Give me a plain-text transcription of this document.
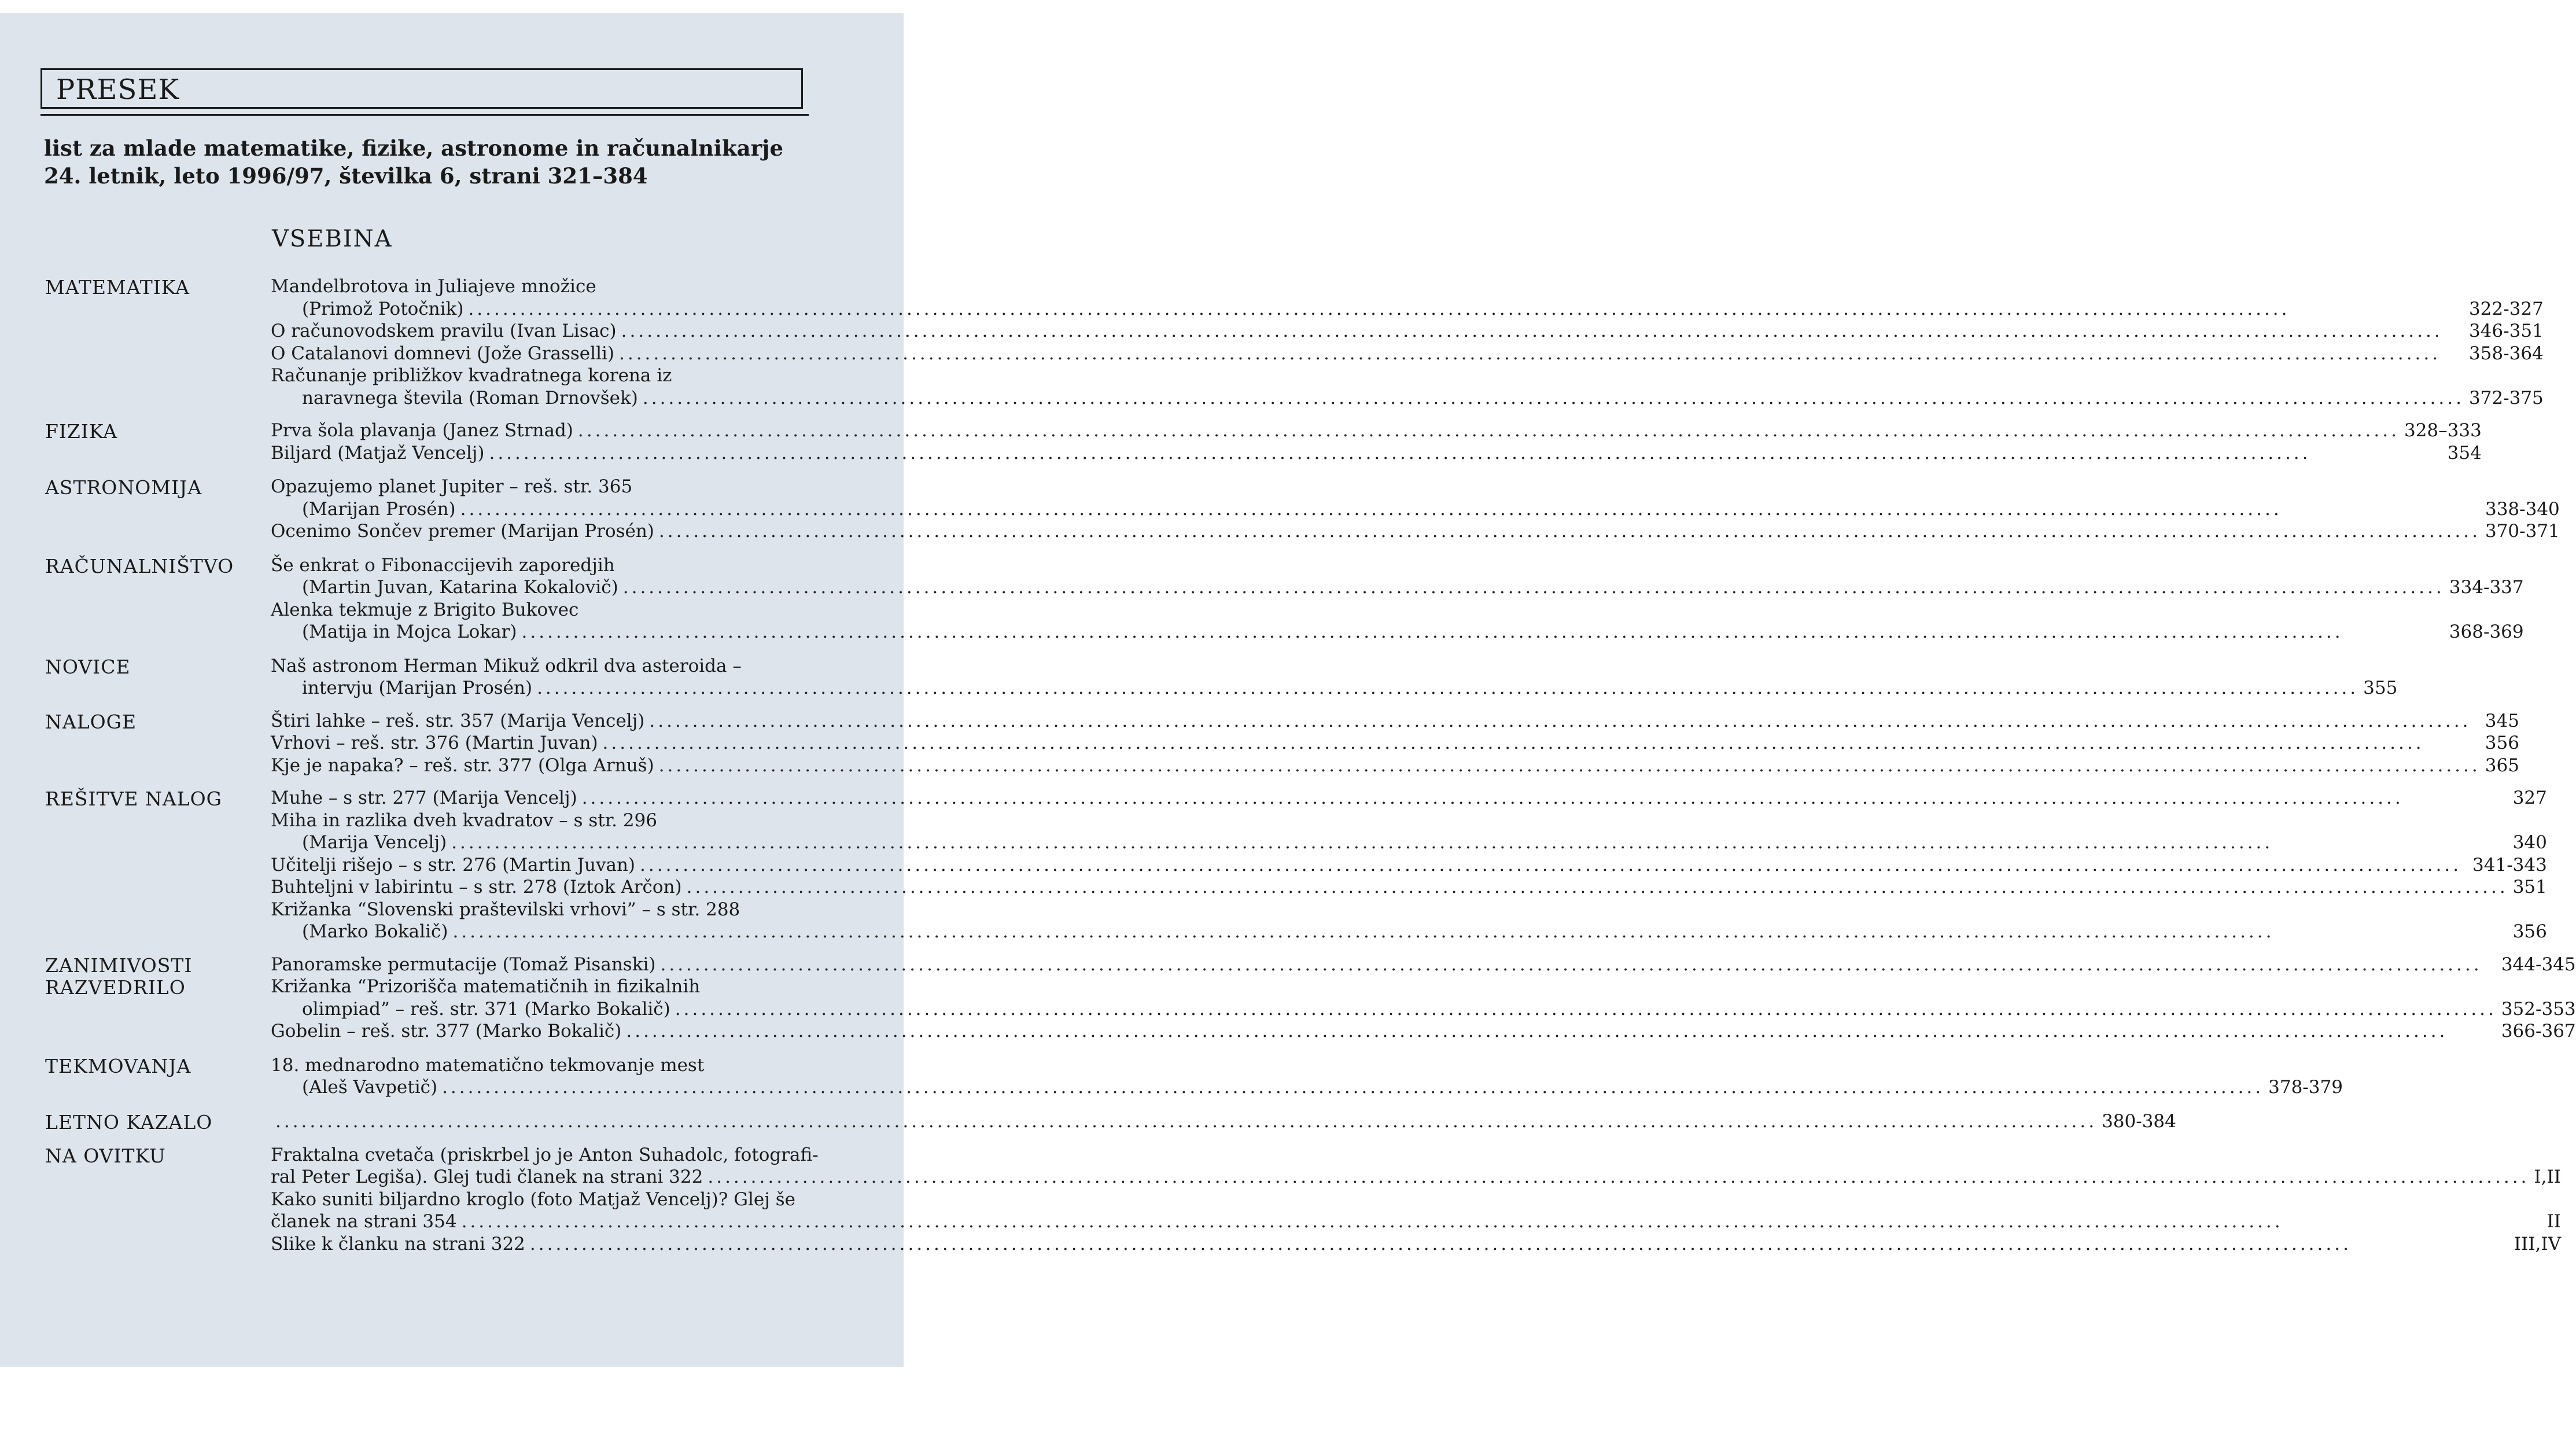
PRESEK
list za mlade matematike, fizike, astronome in računalnikarje
24. letnik, leto 1996/97, številka 6, strani 321–384
VSEBINA
MATEMATIKA	Mandelbrotova in Juliajeve množice
(Primož Potočnik) .....	322-327
O računovodskem pravilu (Ivan Lisac) .....	346-351
O Catalanovi domnevi (Jože Grasselli) .....	358-364
Računanje približkov kvadratnega korena iz
naravnega števila (Roman Drnovšek) .....	372-375
FIZIKA	Prva šola plavanja (Janez Strnad) .....	328–333
Biljard (Matjaž Vencelj) .....	354
ASTRONOMIJA	Opazujemo planet Jupiter – reš. str. 365
(Marijan Prosén) .....	338-340
Ocenimo Sončev premer (Marijan Prosén) .....	370-371
RAČUNALNIŠTVO	Še enkrat o Fibonaccijevih zaporedjih
(Martin Juvan, Katarina Kokalovič) .....	334-337
Alenka tekmuje z Brigito Bukovec
(Matija in Mojca Lokar) .....	368-369
NOVICE	Naš astronom Herman Mikuž odkril dva asteroida –
intervju (Marijan Prosén) .....	355
NALOGE	Štiri lahke – reš. str. 357 (Marija Vencelj) .....	345
Vrhovi – reš. str. 376 (Martin Juvan) .....	356
Kje je napaka? – reš. str. 377 (Olga Arnuš) .....	365
REŠITVE NALOG	Muhe – s str. 277 (Marija Vencelj) .....	327
Miha in razlika dveh kvadratov – s str. 296
(Marija Vencelj) .....	340
Učitelji rišejo – s str. 276 (Martin Juvan) .....	341-343
Buhteljni v labirintu – s str. 278 (Iztok Arčon) .....	351
Križanka “Slovenski praštevilski vrhovi” – s str. 288
(Marko Bokalič) .....	356
ZANIMIVOSTI
RAZVEDRILO
Panoramske permutacije (Tomaž Pisanski) .....	344-345
Križanka “Prizorišča matematičnih in fizikalnih
olimpiad” – reš. str. 371 (Marko Bokalič) .....	352-353
Gobelin – reš. str. 377 (Marko Bokalič) .....	366-367
TEKMOVANJA	18. mednarodno matematično tekmovanje mest
(Aleš Vavpetič) .....	378-379
LETNO KAZALO .....	380-384
NA OVITKU	Fraktalna cvetača (priskrbel jo je Anton Suhadolc, fotografi-
ral Peter Legiša). Glej tudi članek na strani 322 .....	I,II
Kako suniti biljardno kroglo (foto Matjaž Vencelj)? Glej še
članek na strani 354 .....	II
Slike k članku na strani 322 .....	III,IV
